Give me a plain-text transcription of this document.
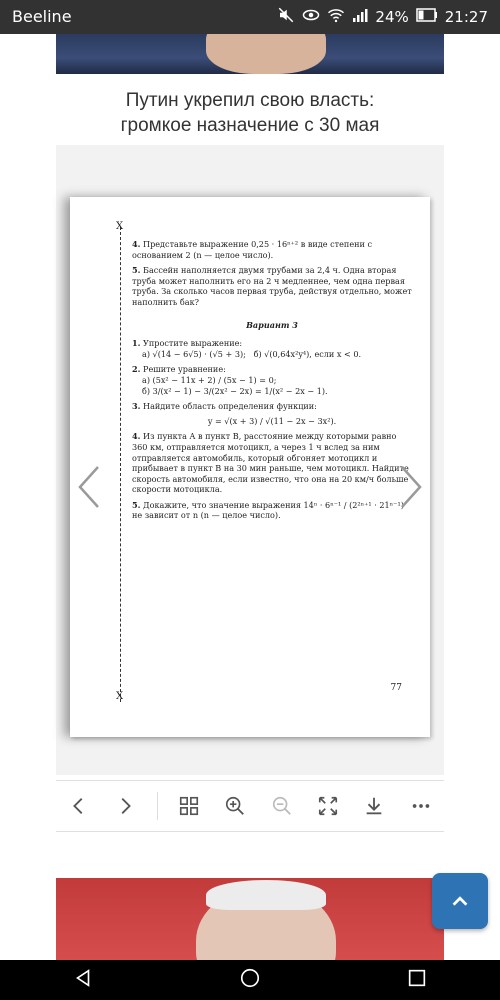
Beeline	24% 21:27
Путин укрепил свою власть:
громкое назначение с 30 мая
X
X
4. Представьте выражение 0,25 · 16ⁿ⁺² в виде степени с основанием 2 (n — целое число).
5. Бассейн наполняется двумя трубами за 2,4 ч. Одна вторая труба может наполнить его на 2 ч медленнее, чем одна первая труба. За сколько часов первая труба, действуя отдельно, может наполнить бак?
Вариант 3
1. Упростите выражение:
а) √(14 − 6√5) · (√5 + 3); б) √(0,64x²y⁴), если x < 0.
2. Решите уравнение:
а) (5x² − 11x + 2) / (5x − 1) = 0;
б) 3/(x² − 1) − 3/(2x² − 2x) = 1/(x² − 2x − 1).
3. Найдите область определения функции:
y = √(x + 3) / √(11 − 2x − 3x²).
4. Из пункта A в пункт B, расстояние между которыми равно 360 км, отправляется мотоцикл, а через 1 ч вслед за ним отправляется автомобиль, который обгоняет мотоцикл и прибывает в пункт B на 30 мин раньше, чем мотоцикл. Найдите скорость автомобиля, если известно, что она на 20 км/ч больше скорости мотоцикла.
5. Докажите, что значение выражения 14ⁿ · 6ⁿ⁻¹ / (2²ⁿ⁺¹ · 21ⁿ⁻¹) не зависит от n (n — целое число).
77
